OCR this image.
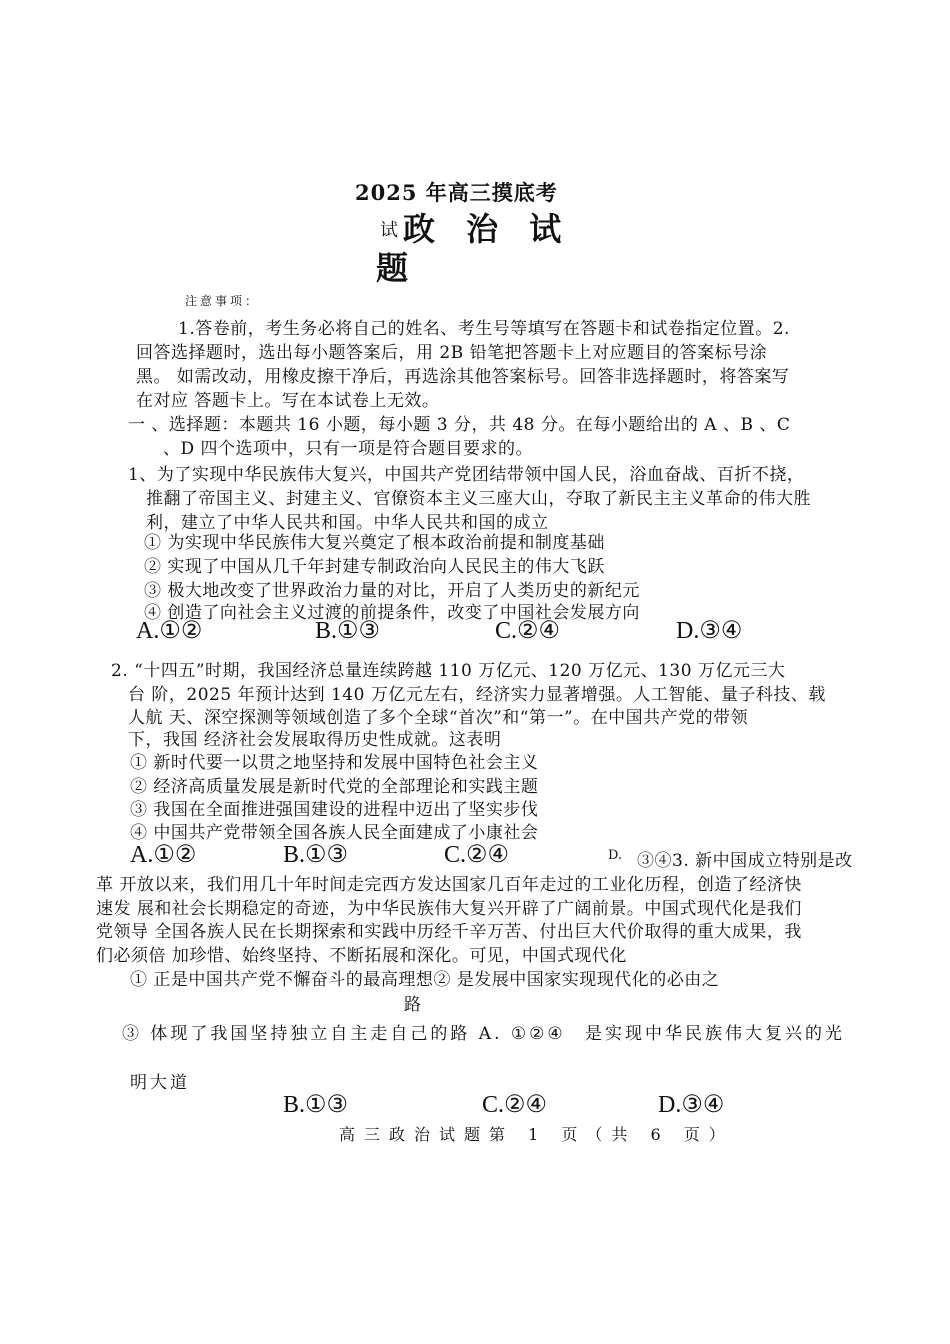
2025 年高三摸底考
试 政 治 试
题
注意事项：
1.答卷前，考生务必将自己的姓名、考生号等填写在答题卡和试卷指定位置。2.
回答选择题时，选出每小题答案后，用 2B 铅笔把答题卡上对应题目的答案标号涂
黑。 如需改动，用橡皮擦干净后，再选涂其他答案标号。回答非选择题时，将答案写
在对应 答题卡上。写在本试卷上无效。
一 、选择题：本题共 16 小题，每小题 3 分，共 48 分。在每小题给出的 A 、B 、C
、D 四个选项中，只有一项是符合题目要求的。
1、为了实现中华民族伟大复兴，中国共产党团结带领中国人民，浴血奋战、百折不挠，
推翻了帝国主义、封建主义、官僚资本主义三座大山，夺取了新民主主义革命的伟大胜
利，建立了中华人民共和国。中华人民共和国的成立
① 为实现中华民族伟大复兴奠定了根本政治前提和制度基础
② 实现了中国从几千年封建专制政治向人民民主的伟大飞跃
③ 极大地改变了世界政治力量的对比，开启了人类历史的新纪元
④ 创造了向社会主义过渡的前提条件，改变了中国社会发展方向
A.①②	B.①③	C.②④	D.③④
2. “十四五”时期，我国经济总量连续跨越 110 万亿元、120 万亿元、130 万亿元三大
台 阶，2025 年预计达到 140 万亿元左右，经济实力显著增强。人工智能、量子科技、载
人航 天、深空探测等领域创造了多个全球“首次”和“第一”。在中国共产党的带领
下，我国 经济社会发展取得历史性成就。这表明
① 新时代要一以贯之地坚持和发展中国特色社会主义
② 经济高质量发展是新时代党的全部理论和实践主题
③ 我国在全面推进强国建设的进程中迈出了坚实步伐
④ 中国共产党带领全国各族人民全面建成了小康社会
A.①②	B.①③	C.②④	D. ③④3. 新中国成立特别是改
革 开放以来，我们用几十年时间走完西方发达国家几百年走过的工业化历程，创造了经济快
速发 展和社会长期稳定的奇迹，为中华民族伟大复兴开辟了广阔前景。中国式现代化是我们
党领导 全国各族人民在长期探索和实践中历经千辛万苦、付出巨大代价取得的重大成果，我
们必须倍 加珍惜、始终坚持、不断拓展和深化。可见，中国式现代化
① 正是中国共产党不懈奋斗的最高理想② 是发展中国家实现现代化的必由之
路
③ 体现了我国坚持独立自主走自己的路 A. ①②④ 是实现中华民族伟大复兴的光
明大道
B.①③	C.②④	D.③④
高三政治试题第 1 页（共 6 页）
